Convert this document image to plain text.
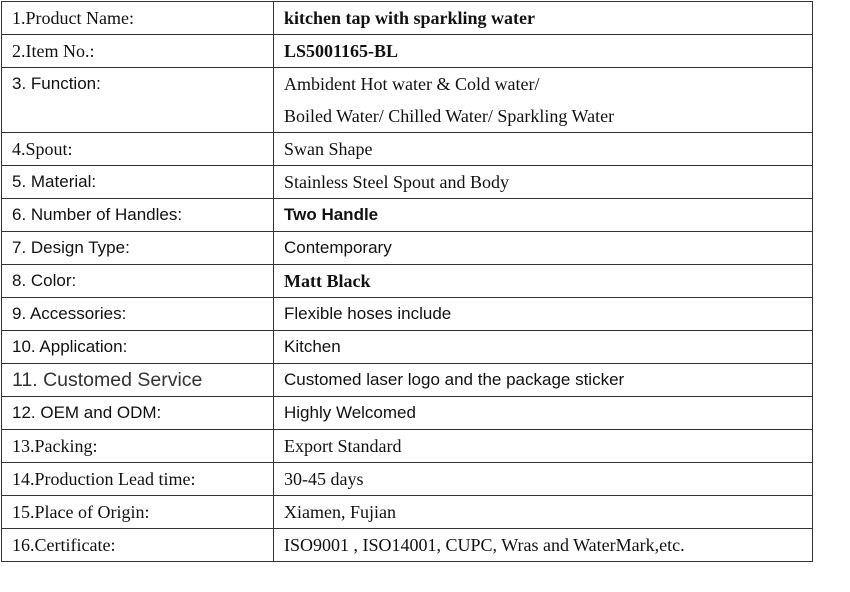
1.Product Name:	kitchen tap with sparkling water
2.Item No.:	LS5001165-BL
3. Function:	Ambident Hot water & Cold water/
Boiled Water/ Chilled Water/ Sparkling Water

4.Spout:	Swan Shape
5. Material:	Stainless Steel Spout and Body
6. Number of Handles:	Two Handle
7. Design Type:	Contemporary
8. Color:	Matt Black
9. Accessories:	Flexible hoses include
10. Application:	Kitchen
11. Customed Service	Customed laser logo and the package sticker
12. OEM and ODM:	Highly Welcomed
13.Packing:	Export Standard
14.Production Lead time:	30-45 days
15.Place of Origin:	Xiamen, Fujian
16.Certificate:	ISO9001 , ISO14001, CUPC, Wras and WaterMark,etc.
